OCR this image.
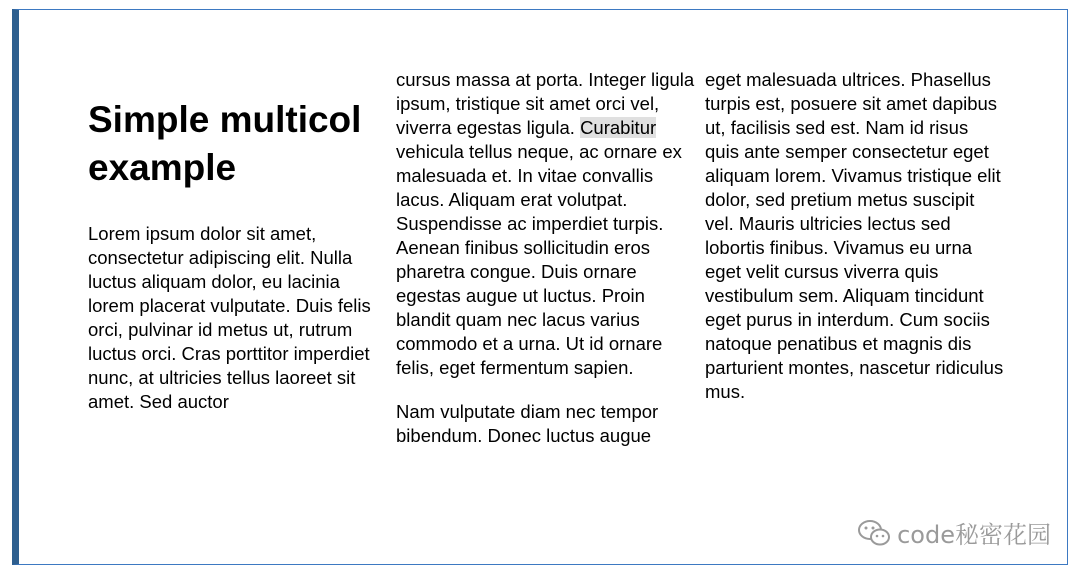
Simple multicol example

Lorem ipsum dolor sit amet, consectetur adipiscing elit. Nulla luctus aliquam dolor, eu lacinia lorem placerat vulputate. Duis felis orci, pulvinar id metus ut, rutrum luctus orci. Cras porttitor imperdiet nunc, at ultricies tellus laoreet sit amet. Sed auctor

cursus massa at porta. Integer ligula ipsum, tristique sit amet orci vel, viverra egestas ligula. Curabitur vehicula tellus neque, ac ornare ex malesuada et. In vitae convallis lacus. Aliquam erat volutpat. Suspendisse ac imperdiet turpis. Aenean finibus sollicitudin eros pharetra congue. Duis ornare egestas augue ut luctus. Proin blandit quam nec lacus varius commodo et a urna. Ut id ornare felis, eget fermentum sapien.

Nam vulputate diam nec tempor bibendum. Donec luctus augue

eget malesuada ultrices. Phasellus turpis est, posuere sit amet dapibus ut, facilisis sed est. Nam id risus quis ante semper consectetur eget aliquam lorem. Vivamus tristique elit dolor, sed pretium metus suscipit vel. Mauris ultricies lectus sed lobortis finibus. Vivamus eu urna eget velit cursus viverra quis vestibulum sem. Aliquam tincidunt eget purus in interdum. Cum sociis natoque penatibus et magnis dis parturient montes, nascetur ridiculus mus.

code秘密花园
